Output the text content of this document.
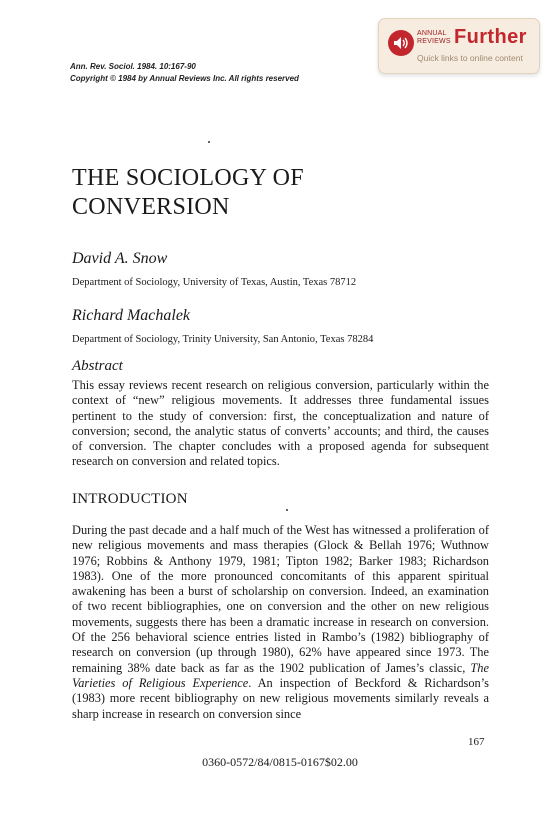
ANNUAL
REVIEWS Further
Quick links to online content
Ann. Rev. Sociol. 1984. 10:167-90
Copyright © 1984 by Annual Reviews Inc. All rights reserved
THE SOCIOLOGY OF
CONVERSION
David A. Snow
Department of Sociology, University of Texas, Austin, Texas 78712
Richard Machalek
Department of Sociology, Trinity University, San Antonio, Texas 78284
Abstract
This essay reviews recent research on religious conversion, particularly within the context of “new” religious movements. It addresses three fundamental issues pertinent to the study of conversion: first, the conceptualization and nature of conversion; second, the analytic status of converts’ accounts; and third, the causes of conversion. The chapter concludes with a proposed agenda for subsequent research on conversion and related topics.
INTRODUCTION
During the past decade and a half much of the West has witnessed a proliferation of new religious movements and mass therapies (Glock & Bellah 1976; Wuthnow 1976; Robbins & Anthony 1979, 1981; Tipton 1982; Barker 1983; Richardson 1983). One of the more pronounced concomitants of this apparent spiritual awakening has been a burst of scholarship on conversion. Indeed, an examination of two recent bibliographies, one on conversion and the other on new religious movements, suggests there has been a dramatic increase in research on conversion. Of the 256 behavioral science entries listed in Rambo’s (1982) bibliography of research on conversion (up through 1980), 62% have appeared since 1973. The remaining 38% date back as far as the 1902 publication of James’s classic, The Varieties of Religious Experience. An inspection of Beckford & Richardson’s (1983) more recent bibliography on new religious movements similarly reveals a sharp increase in research on conversion since
167
0360-0572/84/0815-0167$02.00
